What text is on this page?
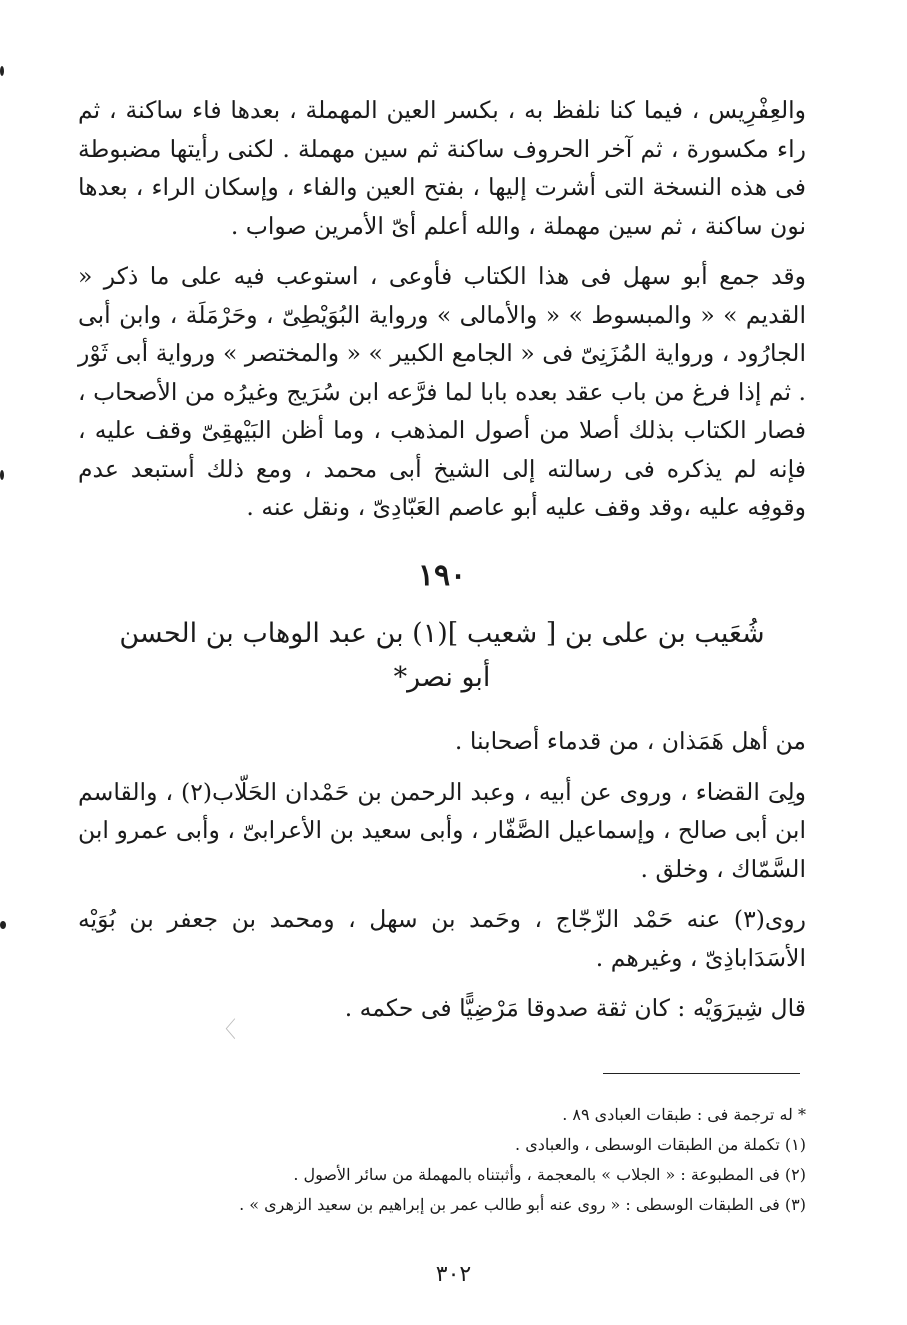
والعِفْرِيس ، فيما كنا نلفظ به ، بكسر العين المهملة ، بعدها فاء ساكنة ، ثم راء مكسورة ، ثم آخر الحروف ساكنة ثم سين مهملة . لكنى رأيتها مضبوطة فى هذه النسخة التى أشرت إليها ، بفتح العين والفاء ، وإسكان الراء ، بعدها نون ساكنة ، ثم سين مهملة ، والله أعلم أىّ الأمرين صواب .

وقد جمع أبو سهل فى هذا الكتاب فأوعى ، استوعب فيه على ما ذكر « القديم » « والمبسوط » « والأمالى » ورواية البُوَيْطِىّ ، وحَرْمَلَة ، وابن أبى الجارُود ، ورواية المُزَنِىّ فى « الجامع الكبير » « والمختصر » ورواية أبى ثَوْر . ثم إذا فرغ من باب عقد بعده بابا لما فرَّعه ابن سُرَيج وغيرُه من الأصحاب ، فصار الكتاب بذلك أصلا من أصول المذهب ، وما أظن البَيْهقِىّ وقف عليه ، فإنه لم يذكره فى رسالته إلى الشيخ أبى محمد ، ومع ذلك أستبعد عدم وقوفِه عليه ،وقد وقف عليه أبو عاصم العَبّادِىّ ، ونقل عنه .

١٩٠
شُعَيب بن على بن [ شعيب ](١) بن عبد الوهاب بن الحسن
أبو نصر*

من أهل هَمَذان ، من قدماء أصحابنا .

ولِىَ القضاء ، وروى عن أبيه ، وعبد الرحمن بن حَمْدان الحَلّاب(٢) ، والقاسم ابن أبى صالح ، وإسماعيل الصَّفّار ، وأبى سعيد بن الأعرابىّ ، وأبى عمرو ابن السَّمّاك ، وخلق .

روى(٣) عنه حَمْد الزّجّاج ، وحَمد بن سهل ، ومحمد بن جعفر بن بُوَيْه الأسَدَاباذِىّ ، وغيرهم .

قال شِيرَوَيْه : كان ثقة صدوقا مَرْضِيًّا فى حكمه .

〈
* له ترجمة فى : طبقات العبادى ٨٩ .
(١) تكملة من الطبقات الوسطى ، والعبادى .
(٢) فى المطبوعة : « الجلاب » بالمعجمة ، وأثبتناه بالمهملة من سائر الأصول .
(٣) فى الطبقات الوسطى : « روى عنه أبو طالب عمر بن إبراهيم بن سعيد الزهرى » .
٣٠٢
